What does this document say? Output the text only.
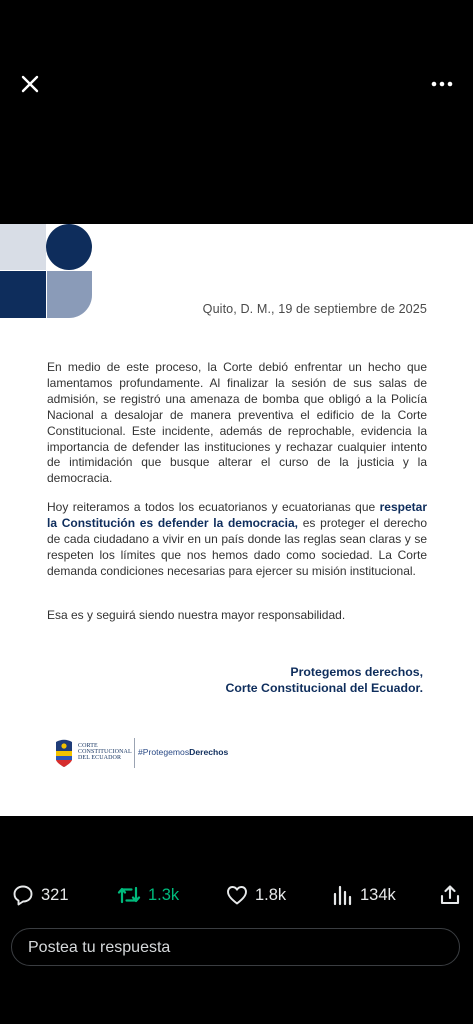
Quito, D. M., 19 de septiembre de 2025
En medio de este proceso, la Corte debió enfrentar un hecho que lamentamos profundamente. Al finalizar la sesión de sus salas de admisión, se registró una amenaza de bomba que obligó a la Policía Nacional a desalojar de manera preventiva el edificio de la Corte Constitucional. Este incidente, además de reprochable, evidencia la importancia de defender las instituciones y rechazar cualquier intento de intimidación que busque alterar el curso de la justicia y la democracia.
Hoy reiteramos a todos los ecuatorianos y ecuatorianas que respetar la Constitución es defender la democracia, es proteger el derecho de cada ciudadano a vivir en un país donde las reglas sean claras y se respeten los límites que nos hemos dado como sociedad. La Corte demanda condiciones necesarias para ejercer su misión institucional.
Esa es y seguirá siendo nuestra mayor responsabilidad.
Protegemos derechos,
Corte Constitucional del Ecuador.
CORTE
CONSTITUCIONAL
DEL ECUADOR
#ProtegemosDerechos
321	1.3k	1.8k	134k
Postea tu respuesta
